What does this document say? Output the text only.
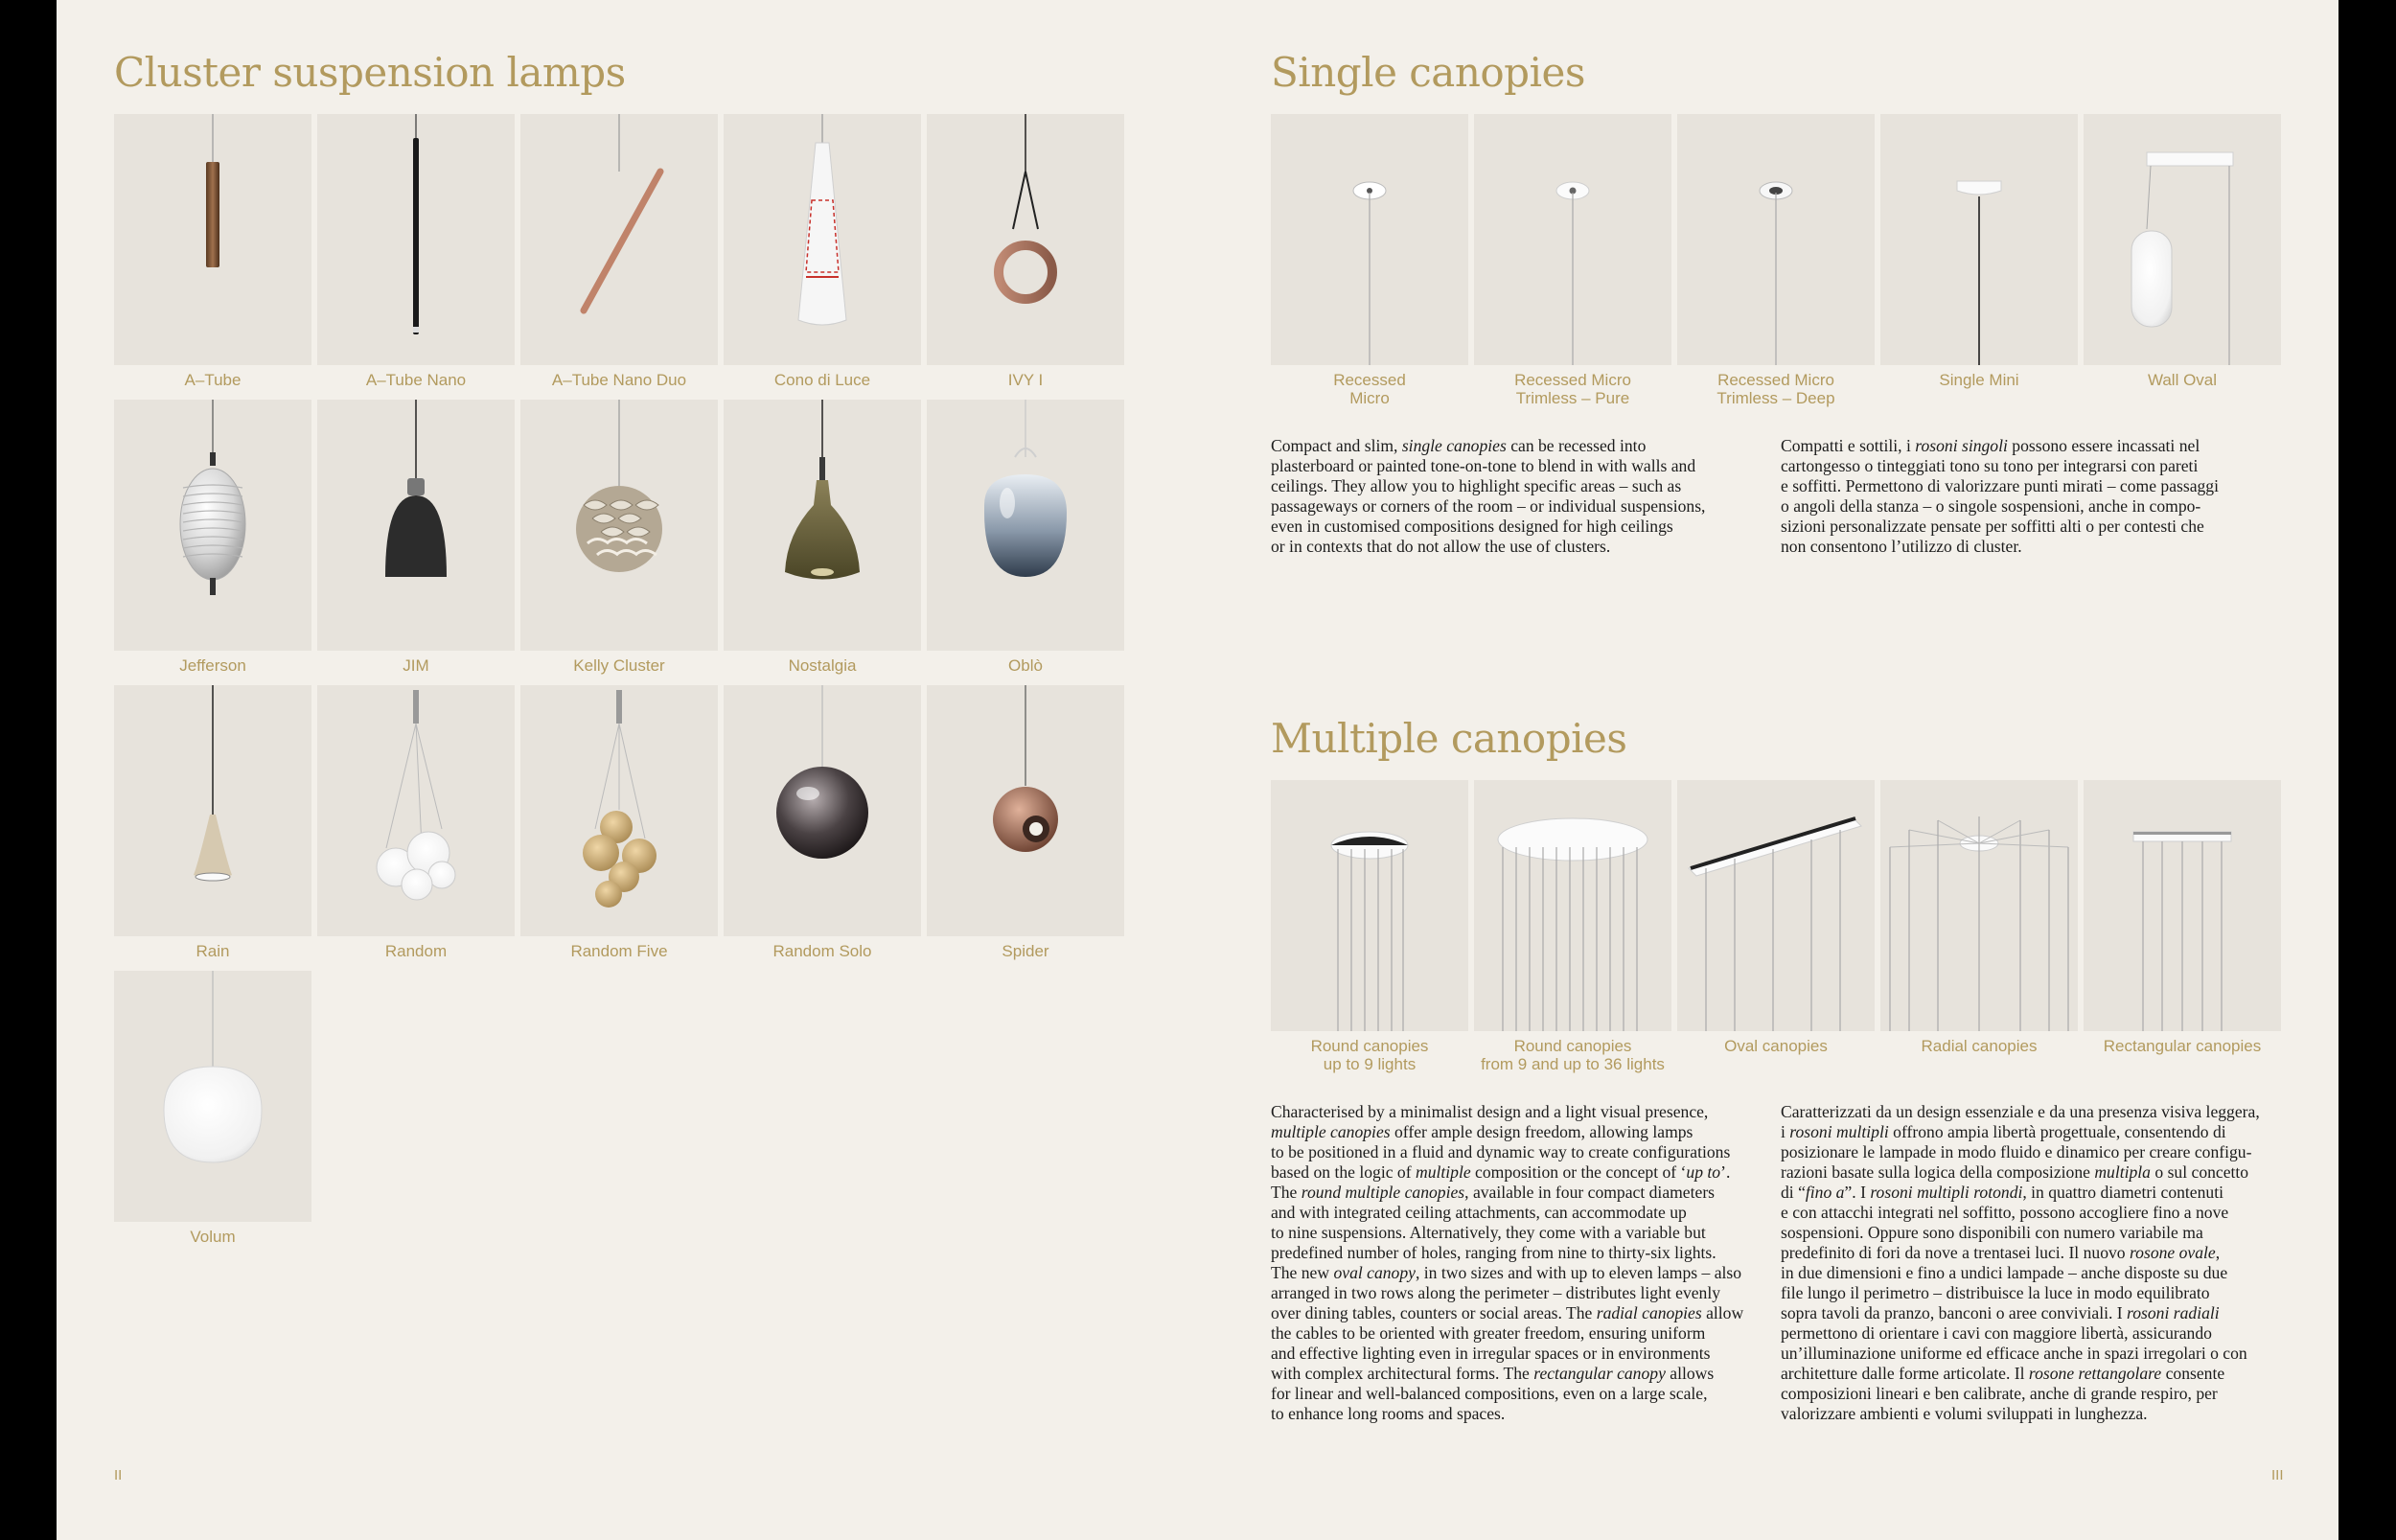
Cluster suspension lamps
A–Tube	A–Tube Nano	A–Tube Nano Duo	Cono di Luce	IVY I
Jefferson	JIM	Kelly Cluster	Nostalgia	Oblò
Rain	Random	Random Five	Random Solo	Spider
Volum
II
Single canopies
Recessed
Micro
Recessed Micro
Trimless – Pure
Recessed Micro
Trimless – Deep
Single Mini	Wall Oval

Compact and slim, single canopies can be recessed into
plasterboard or painted tone-on-tone to blend in with walls and
ceilings. They allow you to highlight specific areas – such as
passageways or corners of the room – or individual suspensions,
even in customised compositions designed for high ceilings
or in contexts that do not allow the use of clusters.

Compatti e sottili, i rosoni singoli possono essere incassati nel
cartongesso o tinteggiati tono su tono per integrarsi con pareti
e soffitti. Permettono di valorizzare punti mirati – come passaggi
o angoli della stanza – o singole sospensioni, anche in compo-
sizioni personalizzate pensate per soffitti alti o per contesti che
non consentono l’utilizzo di cluster.

Multiple canopies
Round canopies
up to 9 lights
Round canopies
from 9 and up to 36 lights
Oval canopies	Radial canopies	Rectangular canopies

Characterised by a minimalist design and a light visual presence,
multiple canopies offer ample design freedom, allowing lamps
to be positioned in a fluid and dynamic way to create configurations
based on the logic of multiple composition or the concept of ‘up to’.
The round multiple canopies, available in four compact diameters
and with integrated ceiling attachments, can accommodate up
to nine suspensions. Alternatively, they come with a variable but
predefined number of holes, ranging from nine to thirty-six lights.
The new oval canopy, in two sizes and with up to eleven lamps – also
arranged in two rows along the perimeter – distributes light evenly
over dining tables, counters or social areas. The radial canopies allow
the cables to be oriented with greater freedom, ensuring uniform
and effective lighting even in irregular spaces or in environments
with complex architectural forms. The rectangular canopy allows
for linear and well-balanced compositions, even on a large scale,
to enhance long rooms and spaces.

Caratterizzati da un design essenziale e da una presenza visiva leggera,
i rosoni multipli offrono ampia libertà progettuale, consentendo di
posizionare le lampade in modo fluido e dinamico per creare configu-
razioni basate sulla logica della composizione multipla o sul concetto
di “fino a”. I rosoni multipli rotondi, in quattro diametri contenuti
e con attacchi integrati nel soffitto, possono accogliere fino a nove
sospensioni. Oppure sono disponibili con numero variabile ma
predefinito di fori da nove a trentasei luci. Il nuovo rosone ovale,
in due dimensioni e fino a undici lampade – anche disposte su due
file lungo il perimetro – distribuisce la luce in modo equilibrato
sopra tavoli da pranzo, banconi o aree conviviali. I rosoni radiali
permettono di orientare i cavi con maggiore libertà, assicurando
un’illuminazione uniforme ed efficace anche in spazi irregolari o con
architetture dalle forme articolate. Il rosone rettangolare consente
composizioni lineari e ben calibrate, anche di grande respiro, per
valorizzare ambienti e volumi sviluppati in lunghezza.

III
